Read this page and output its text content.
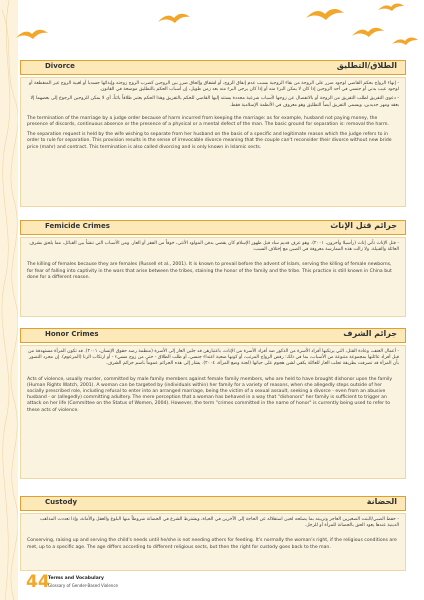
Divorce	الطلاق/التطليق

- إنهاء الزواج بحكم القاضي لوجود ضرر على الزوجة من بقاء الزوجية بسبب عدم إنفاق الزوج، أو لشقاق وإلحاق ضرر بين الزوجين كضرب الزوج زوجته وإيذائها جسديا أو لغيبة الزوج غير المنقطعة أو لوجود عيب بدني أو جنسي في أحد الزوجين إذا كان لا يمكن البرء منه أو إذا كان يرجى البرء منه بعد زمن طويل، إن أسباب الحكم بالتطليق موضحة في القانون.

- دعوى التفريق لطلب التفريق من الزوجة أو بالانفصال عن زوجها لأسباب شرعية محددة يستند إليها القاضي للحكم بالتفريق وهذا الحكم يعتبر طلاقاً بائناً، أي لا يمكن للزوجين الرجوع إلى بعضهما إلا بعقد ومهر جديدين، ويسمى التفريق أيضاً التطليق وهو معروف في الأنظمة الإسلامية فقط.

The termination of the marriage by a judge order because of harm incurred from keeping the marriage: as for example, husband not paying money, the presence of discords, continuous absence or the presence of a physical or a mental defect of the man. The basic ground for separation is: removal the harm.

The separation request is held by the wife wishing to separate from her husband on the basis of a specific and legitimate reason which the judge refers to in order to rule for separation. This provision results in the sense of irrevocable divorce meaning that the couple can't reconsider their divorce without new bride price (mahr) and contract. This termination is also called divorcing and is only known in Islamic sects.

Femicide Crimes	جرائم قتل الإناث

- قتل الإناث تأتي إناث (رأسيلا وأخرون، ٢٠٠١). وهو عرف قديم ساد قبل ظهور الإسلام كان يقضي بدفن المولود الأنثى، خوفاً من الفقر أو العار. ومن الأسباب التي تنشأ بين القبائل، مما يلحق بشرف العائلة والقبيلة. ولا زالت هذه الممارسة معروفة في الصين مع إختلاف السبب.

The killing of females because they are females (Russell et al., 2001). It is known to prevail before the advent of Islam, serving the killing of female newborns, for fear of falling into captivity in the wars that arise between the tribes, staining the honor of the family and the tribe. This practice is still known in China but done for a different reason.

Honor Crimes	جرائم الشرف

- أعمال العنف، وعادة القتل، التي يرتكبها أفراد الأسرة من الذكور ضد أفراد الأسرة من الإناث، باعتبارهن قد جلبن العار إلى الأسرة (منظمة رصد حقوق الإنسان، ٢٠٠١). قد تكون المرأة مستهدفة من قبل أفراد عائلتها بمجموعة متنوعة من الأسباب، بما في ذلك: رفض الزواج المرتب، أو كونها ضحية اعتداء جنسي، أو طلب الطلاق - حتى من زوج مسيء - أو ارتكاب الزنا (المزعوم). إن مجرد التصور بأن المرأة قد تصرفت بطريقة تجلب العار للعائلة يكفي لشن هجوم على حياتها (لجنة وضع المرأة، ٢٠٠٤). يشار إلى هذه الجرائم عموماً باسم جرائم الشرف.

Acts of violence, usually murder, committed by male family members against female family members, who are held to have brought dishonor upon the family (Human Rights Watch, 2001). A woman can be targeted by (individuals within) her family for a variety of reasons, when she allegedly steps outside of her socially prescribed role, including refusal to enter into an arranged marriage, being the victim of a sexual assault, seeking a divorce - even from an abusive husband - or (allegedly) committing adultery. The mere perception that a woman has behaved in a way that "dishonors" her family is sufficient to trigger an attack on her life (Committee on the Status of Women, 2004). However, the term "crimes committed in the name of honor" is currently being used to refer to these acts of violence.

Custody	الحضانة

- حفظ الصبي/البنت الصغيرين العاجز وتربيته بما يصلحه لحين استقلاله عن الحاجة إلى الآخرين في الحياة، ويشترط الشرع في الحضانة شروطاً منها البلوغ والعقل والأمانة، وإذا تعددت المذاهب الدينية عندها يعود الحق بالحضانة للمرأة أو للرجل.

Conserving, raising up and serving the child's needs until he/she is not needing others for feeding. It's normally the woman's right, if the religious conditions are met, up to a specific age. The age differs according to different religious sects, but then the right for custody goes back to the man.

44
Terms and Vocabulary
Glossary of Gender-Based Violence
